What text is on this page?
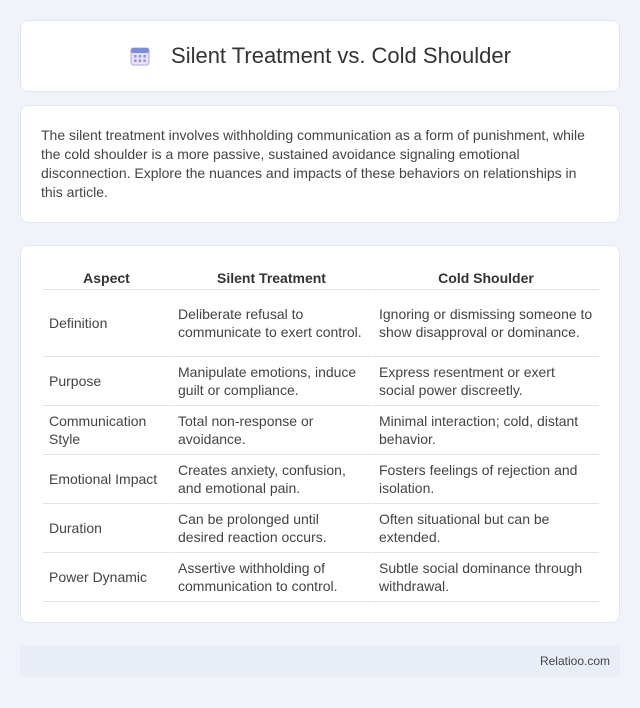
Silent Treatment vs. Cold Shoulder

The silent treatment involves withholding communication as a form of punishment, while the cold shoulder is a more passive, sustained avoidance signaling emotional disconnection. Explore the nuances and impacts of these behaviors on relationships in this article.

Aspect	Silent Treatment	Cold Shoulder
Definition	Deliberate refusal to communicate to exert control.	Ignoring or dismissing someone to show disapproval or dominance.
Purpose	Manipulate emotions, induce guilt or compliance.	Express resentment or exert social power discreetly.
Communication Style	Total non-response or avoidance.	Minimal interaction; cold, distant behavior.
Emotional Impact	Creates anxiety, confusion, and emotional pain.	Fosters feelings of rejection and isolation.
Duration	Can be prolonged until desired reaction occurs.	Often situational but can be extended.
Power Dynamic	Assertive withholding of communication to control.	Subtle social dominance through withdrawal.
Relatioo.com
